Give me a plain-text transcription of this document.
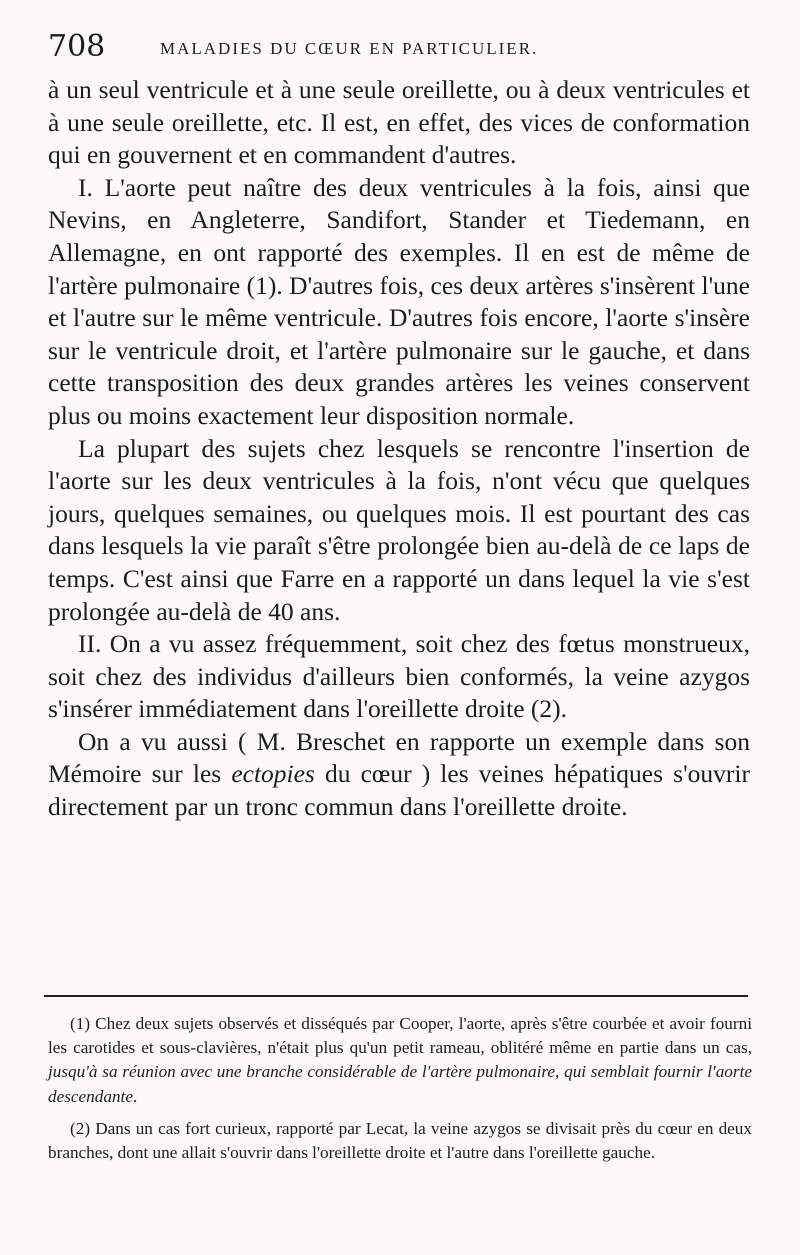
708	MALADIES DU CŒUR EN PARTICULIER.

à un seul ventricule et à une seule oreillette, ou à deux ventricules et à une seule oreillette, etc. Il est, en effet, des vices de conformation qui en gouvernent et en commandent d'autres.

I. L'aorte peut naître des deux ventricules à la fois, ainsi que Nevins, en Angleterre, Sandifort, Stander et Tiedemann, en Allemagne, en ont rapporté des exemples. Il en est de même de l'artère pulmonaire (1). D'autres fois, ces deux artères s'insèrent l'une et l'autre sur le même ventricule. D'autres fois encore, l'aorte s'insère sur le ventricule droit, et l'artère pulmonaire sur le gauche, et dans cette transposition des deux grandes artères les veines conservent plus ou moins exactement leur disposition normale.

La plupart des sujets chez lesquels se rencontre l'insertion de l'aorte sur les deux ventricules à la fois, n'ont vécu que quelques jours, quelques semaines, ou quelques mois. Il est pourtant des cas dans lesquels la vie paraît s'être prolongée bien au-delà de ce laps de temps. C'est ainsi que Farre en a rapporté un dans lequel la vie s'est prolongée au-delà de 40 ans.

II. On a vu assez fréquemment, soit chez des fœtus monstrueux, soit chez des individus d'ailleurs bien conformés, la veine azygos s'insérer immédiatement dans l'oreillette droite (2).

On a vu aussi ( M. Breschet en rapporte un exemple dans son Mémoire sur les ectopies du cœur ) les veines hépatiques s'ouvrir directement par un tronc commun dans l'oreillette droite.

(1) Chez deux sujets observés et disséqués par Cooper, l'aorte, après s'être courbée et avoir fourni les carotides et sous-clavières, n'était plus qu'un petit rameau, oblitéré même en partie dans un cas, jusqu'à sa réunion avec une branche considérable de l'artère pulmonaire, qui semblait fournir l'aorte descendante.

(2) Dans un cas fort curieux, rapporté par Lecat, la veine azygos se divisait près du cœur en deux branches, dont une allait s'ouvrir dans l'oreillette droite et l'autre dans l'oreillette gauche.
